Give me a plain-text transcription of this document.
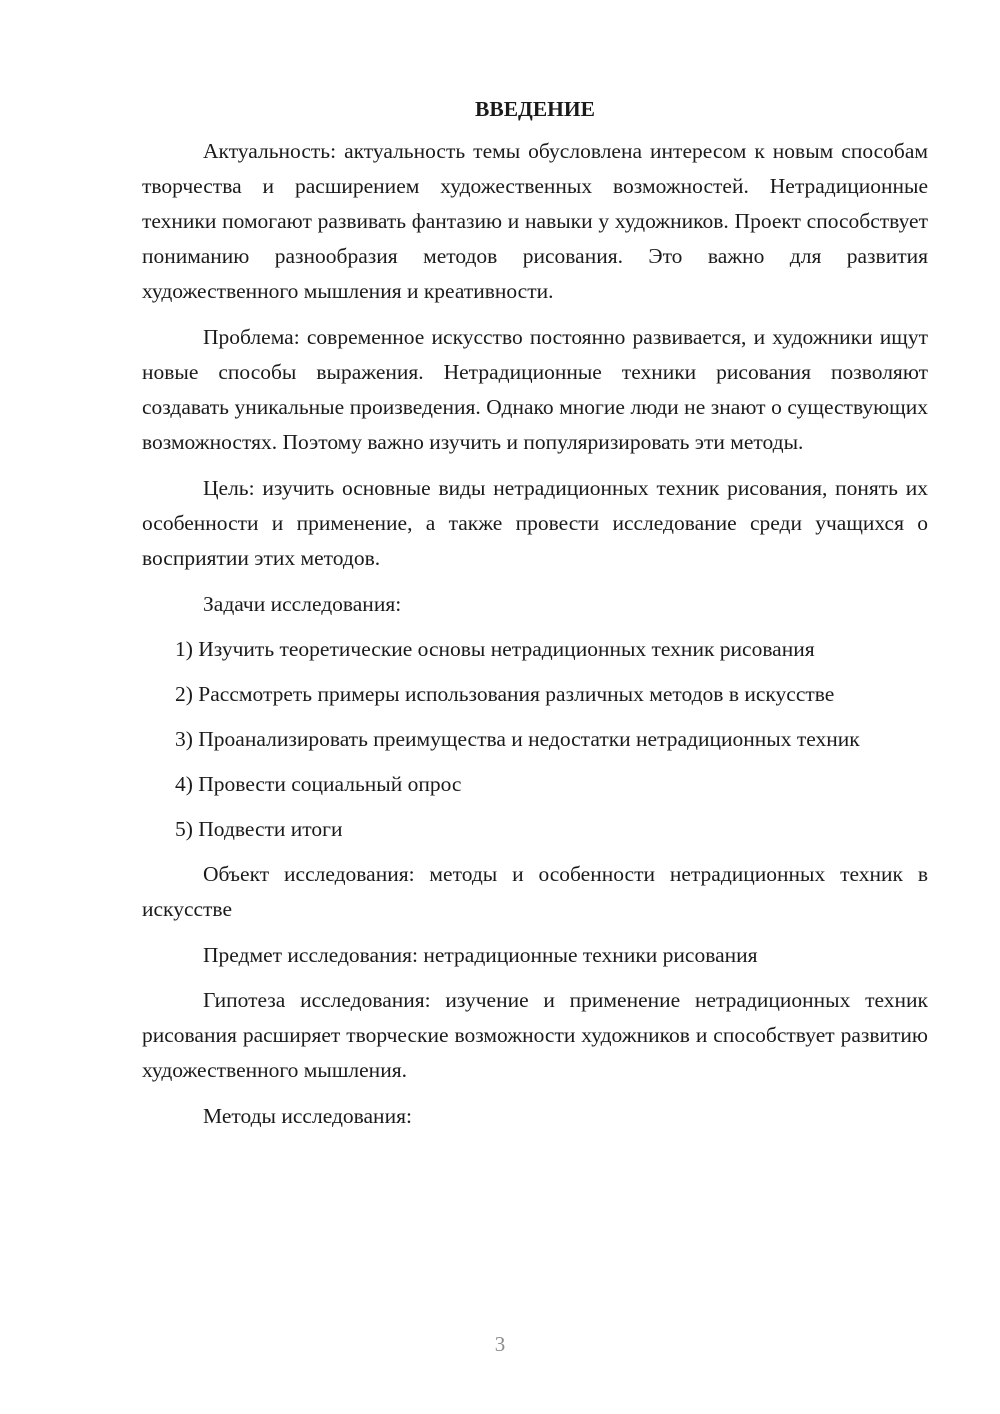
ВВЕДЕНИЕ

Актуальность: актуальность темы обусловлена интересом к новым способам творчества и расширением художественных возможностей. Нетрадиционные техники помогают развивать фантазию и навыки у художников. Проект способствует пониманию разнообразия методов рисования. Это важно для развития художественного мышления и креативности.

Проблема: современное искусство постоянно развивается, и художники ищут новые способы выражения. Нетрадиционные техники рисования позволяют создавать уникальные произведения. Однако многие люди не знают о существующих возможностях. Поэтому важно изучить и популяризировать эти методы.

Цель: изучить основные виды нетрадиционных техник рисования, понять их особенности и применение, а также провести исследование среди учащихся о восприятии этих методов.

Задачи исследования:

1) Изучить теоретические основы нетрадиционных техник рисования

2) Рассмотреть примеры использования различных методов в искусстве

3) Проанализировать преимущества и недостатки нетрадиционных техник

4) Провести социальный опрос

5) Подвести итоги

Объект исследования: методы и особенности нетрадиционных техник в искусстве

Предмет исследования: нетрадиционные техники рисования

Гипотеза исследования: изучение и применение нетрадиционных техник рисования расширяет творческие возможности художников и способствует развитию художественного мышления.

Методы исследования:

3
